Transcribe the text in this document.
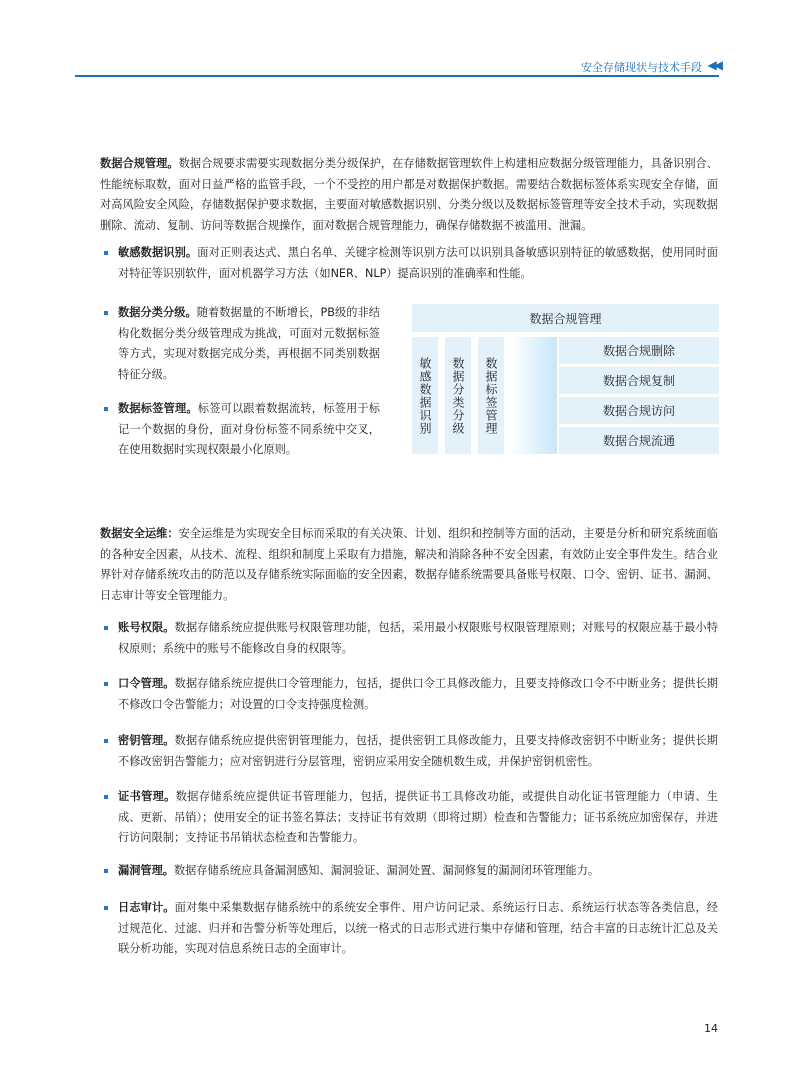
安全存储现状与技术手段 ◀◀

数据合规管理。数据合规要求需要实现数据分类分级保护，在存储数据管理软件上构建相应数据分级管理能力，具备识别合、性能统标取数，面对日益严格的监管手段，一个不受控的用户都是对数据保护数据。需要结合数据标签体系实现安全存储，面对高风险安全风险，存储数据保护要求数据，主要面对敏感数据识别、分类分级以及数据标签管理等安全技术手动，实现数据删除、流动、复制、访问等数据合规操作，面对数据合规管理能力，确保存储数据不被滥用、泄漏。

敏感数据识别。面对正则表达式、黑白名单、关键字检测等识别方法可以识别具备敏感识别特征的敏感数据，使用同时面对特征等识别软件，面对机器学习方法（如NER、NLP）提高识别的准确率和性能。

数据分类分级。随着数据量的不断增长，PB级的非结构化数据分类分级管理成为挑战，可面对元数据标签等方式，实现对数据完成分类，再根据不同类别数据特征分级。

数据标签管理。标签可以跟着数据流转，标签用于标记一个数据的身份，面对身份标签不同系统中交叉，在使用数据时实现权限最小化原则。

数据合规管理
敏感数据识别 数据分类分级 数据标签管理
数据合规删除
数据合规复制
数据合规访问
数据合规流通

数据安全运维：安全运维是为实现安全目标而采取的有关决策、计划、组织和控制等方面的活动，主要是分析和研究系统面临的各种安全因素，从技术、流程、组织和制度上采取有力措施，解决和消除各种不安全因素，有效防止安全事件发生。结合业界针对存储系统攻击的防范以及存储系统实际面临的安全因素，数据存储系统需要具备账号权限、口令、密钥、证书、漏洞、日志审计等安全管理能力。

账号权限。数据存储系统应提供账号权限管理功能，包括，采用最小权限账号权限管理原则；对账号的权限应基于最小特权原则；系统中的账号不能修改自身的权限等。

口令管理。数据存储系统应提供口令管理能力，包括，提供口令工具修改能力，且要支持修改口令不中断业务；提供长期不修改口令告警能力；对设置的口令支持强度检测。

密钥管理。数据存储系统应提供密钥管理能力，包括，提供密钥工具修改能力，且要支持修改密钥不中断业务；提供长期不修改密钥告警能力；应对密钥进行分层管理，密钥应采用安全随机数生成，并保护密钥机密性。

证书管理。数据存储系统应提供证书管理能力，包括，提供证书工具修改功能，或提供自动化证书管理能力（申请、生成、更新、吊销）；使用安全的证书签名算法；支持证书有效期（即将过期）检查和告警能力；证书系统应加密保存，并进行访问限制；支持证书吊销状态检查和告警能力。

漏洞管理。数据存储系统应具备漏洞感知、漏洞验证、漏洞处置、漏洞修复的漏洞闭环管理能力。

日志审计。面对集中采集数据存储系统中的系统安全事件、用户访问记录、系统运行日志、系统运行状态等各类信息，经过规范化、过滤、归并和告警分析等处理后，以统一格式的日志形式进行集中存储和管理，结合丰富的日志统计汇总及关联分析功能，实现对信息系统日志的全面审计。

14
